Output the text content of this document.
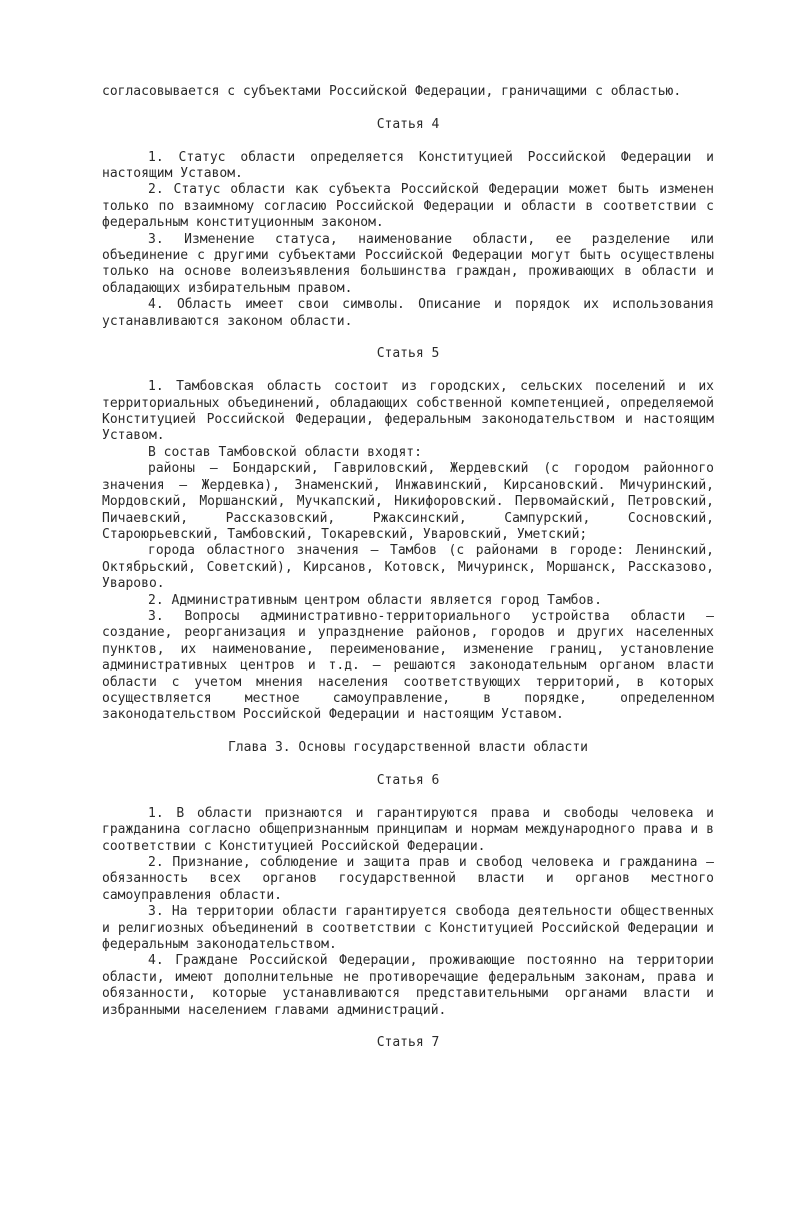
согласовывается с субъектами Российской Федерации, граничащими с областью.

Статья 4

1. Статус области определяется Конституцией Российской Федерации и настоящим Уставом.

2. Статус области как субъекта Российской Федерации может быть изменен только по взаимному согласию Российской Федерации и области в соответствии с федеральным конституционным законом.

3. Изменение статуса, наименование области, ее разделение или объединение с другими субъектами Российской Федерации могут быть осуществлены только на основе волеизъявления большинства граждан, проживающих в области и обладающих избирательным правом.

4. Область имеет свои символы. Описание и порядок их использования устанавливаются законом области.

Статья 5

1. Тамбовская область состоит из городских, сельских поселений и их территориальных объединений, обладающих собственной компетенцией, определяемой Конституцией Российской Федерации, федеральным законодательством и настоящим Уставом.

В состав Тамбовской области входят:

районы – Бондарский, Гавриловский, Жердевский (с городом районного значения – Жердевка), Знаменский, Инжавинский, Кирсановский. Мичуринский, Мордовский, Моршанский, Мучкапский, Никифоровский. Первомайский, Петровский, Пичаевский, Рассказовский, Ржаксинский, Сампурский, Сосновский, Староюрьевский, Тамбовский, Токаревский, Уваровский, Уметский;

города областного значения – Тамбов (с районами в городе: Ленинский, Октябрьский, Советский), Кирсанов, Котовск, Мичуринск, Моршанск, Рассказово, Уварово.

2. Административным центром области является город Тамбов.

3. Вопросы административно-территориального устройства области – создание, реорганизация и упразднение районов, городов и других населенных пунктов, их наименование, переименование, изменение границ, установление административных центров и т.д. – решаются законодательным органом власти области с учетом мнения населения соответствующих территорий, в которых осуществляется местное самоуправление, в порядке, определенном законодательством Российской Федерации и настоящим Уставом.

Глава 3. Основы государственной власти области

Статья 6

1. В области признаются и гарантируются права и свободы человека и гражданина согласно общепризнанным принципам и нормам международного права и в соответствии с Конституцией Российской Федерации.

2. Признание, соблюдение и защита прав и свобод человека и гражданина – обязанность всех органов государственной власти и органов местного самоуправления области.

3. На территории области гарантируется свобода деятельности общественных и религиозных объединений в соответствии с Конституцией Российской Федерации и федеральным законодательством.

4. Граждане Российской Федерации, проживающие постоянно на территории области, имеют дополнительные не противоречащие федеральным законам, права и обязанности, которые устанавливаются представительными органами власти и избранными населением главами администраций.

Статья 7
